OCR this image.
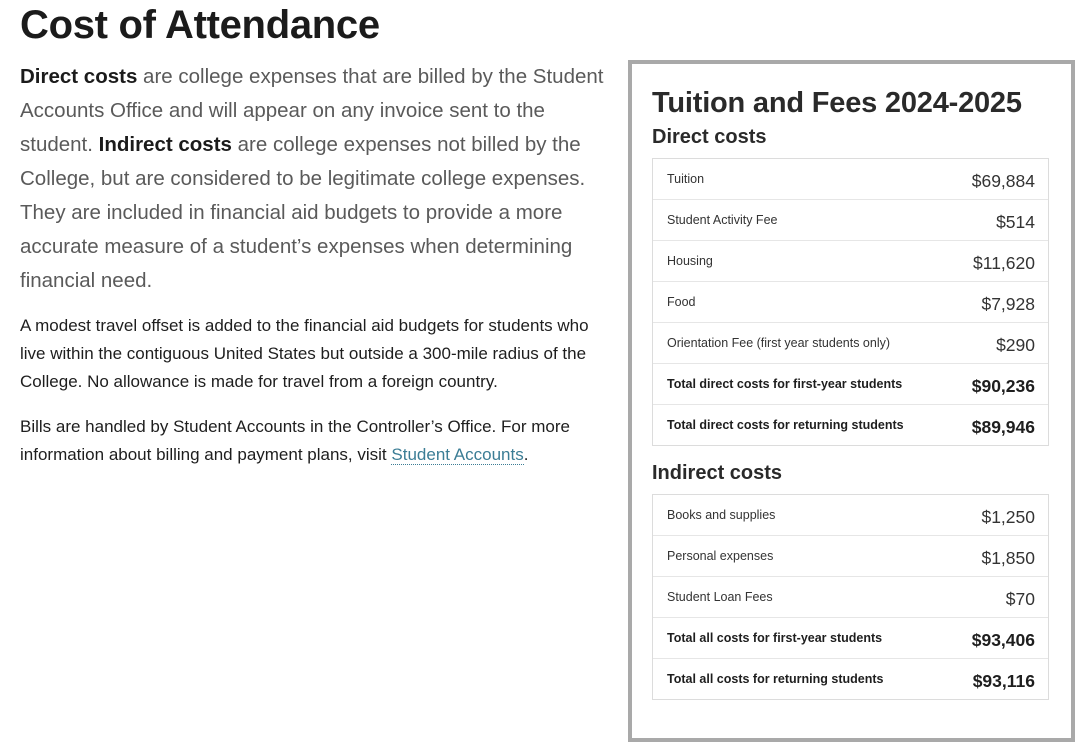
Cost of Attendance

Direct costs are college expenses that are billed by the Student Accounts Office and will appear on any invoice sent to the student. Indirect costs are college expenses not billed by the College, but are considered to be legitimate college expenses. They are included in financial aid budgets to provide a more accurate measure of a student’s expenses when determining financial need.

A modest travel offset is added to the financial aid budgets for students who live within the contiguous United States but outside a 300-mile radius of the College. No allowance is made for travel from a foreign country.

Bills are handled by Student Accounts in the Controller’s Office. For more information about billing and payment plans, visit Student Accounts.

Tuition and Fees 2024-2025
Direct costs
Tuition	$69,884
Student Activity Fee	$514
Housing	$11,620
Food	$7,928
Orientation Fee (first year students only)	$290
Total direct costs for first-year students	$90,236
Total direct costs for returning students	$89,946
Indirect costs
Books and supplies	$1,250
Personal expenses	$1,850
Student Loan Fees	$70
Total all costs for first-year students	$93,406
Total all costs for returning students	$93,116
